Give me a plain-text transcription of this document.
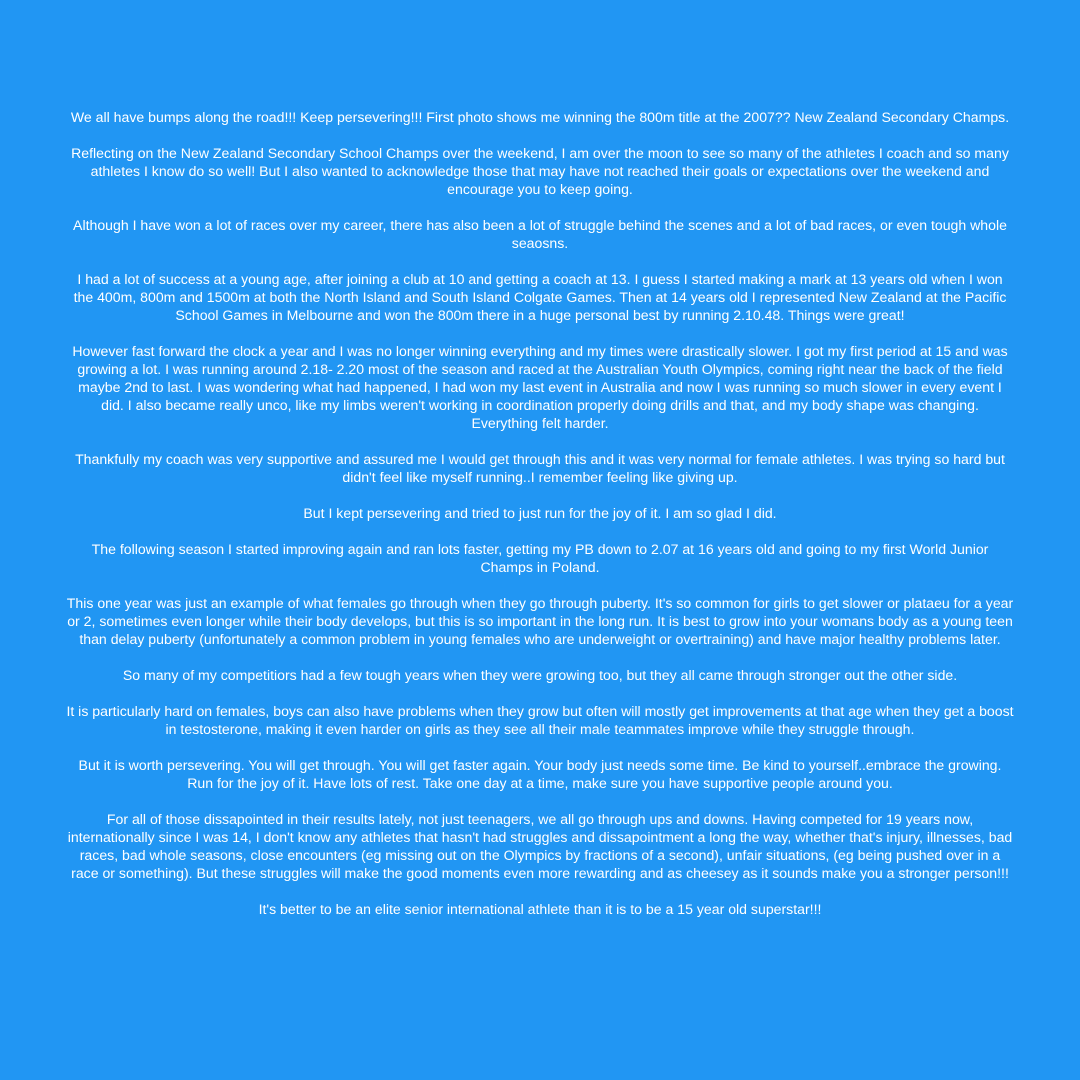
We all have bumps along the road!!! Keep persevering!!! First photo shows me winning the 800m title at the 2007?? New Zealand Secondary Champs.

Reflecting on the New Zealand Secondary School Champs over the weekend, I am over the moon to see so many of the athletes I coach and so many athletes I know do so well! But I also wanted to acknowledge those that may have not reached their goals or expectations over the weekend and encourage you to keep going.

Although I have won a lot of races over my career, there has also been a lot of struggle behind the scenes and a lot of bad races, or even tough whole seaosns.

I had a lot of success at a young age, after joining a club at 10 and getting a coach at 13. I guess I started making a mark at 13 years old when I won the 400m, 800m and 1500m at both the North Island and South Island Colgate Games. Then at 14 years old I represented New Zealand at the Pacific School Games in Melbourne and won the 800m there in a huge personal best by running 2.10.48. Things were great!

However fast forward the clock a year and I was no longer winning everything and my times were drastically slower. I got my first period at 15 and was growing a lot. I was running around 2.18- 2.20 most of the season and raced at the Australian Youth Olympics, coming right near the back of the field maybe 2nd to last. I was wondering what had happened, I had won my last event in Australia and now I was running so much slower in every event I did. I also became really unco, like my limbs weren't working in coordination properly doing drills and that, and my body shape was changing. Everything felt harder.

Thankfully my coach was very supportive and assured me I would get through this and it was very normal for female athletes. I was trying so hard but didn't feel like myself running..I remember feeling like giving up.

But I kept persevering and tried to just run for the joy of it. I am so glad I did.

The following season I started improving again and ran lots faster, getting my PB down to 2.07 at 16 years old and going to my first World Junior Champs in Poland.

This one year was just an example of what females go through when they go through puberty. It's so common for girls to get slower or plataeu for a year or 2, sometimes even longer while their body develops, but this is so important in the long run. It is best to grow into your womans body as a young teen than delay puberty (unfortunately a common problem in young females who are underweight or overtraining) and have major healthy problems later.

So many of my competitiors had a few tough years when they were growing too, but they all came through stronger out the other side.

It is particularly hard on females, boys can also have problems when they grow but often will mostly get improvements at that age when they get a boost in testosterone, making it even harder on girls as they see all their male teammates improve while they struggle through.

But it is worth persevering. You will get through. You will get faster again. Your body just needs some time. Be kind to yourself..embrace the growing. Run for the joy of it. Have lots of rest. Take one day at a time, make sure you have supportive people around you.

For all of those dissapointed in their results lately, not just teenagers, we all go through ups and downs. Having competed for 19 years now, internationally since I was 14, I don't know any athletes that hasn't had struggles and dissapointment a long the way, whether that's injury, illnesses, bad races, bad whole seasons, close encounters (eg missing out on the Olympics by fractions of a second), unfair situations, (eg being pushed over in a race or something). But these struggles will make the good moments even more rewarding and as cheesey as it sounds make you a stronger person!!!

It's better to be an elite senior international athlete than it is to be a 15 year old superstar!!!
